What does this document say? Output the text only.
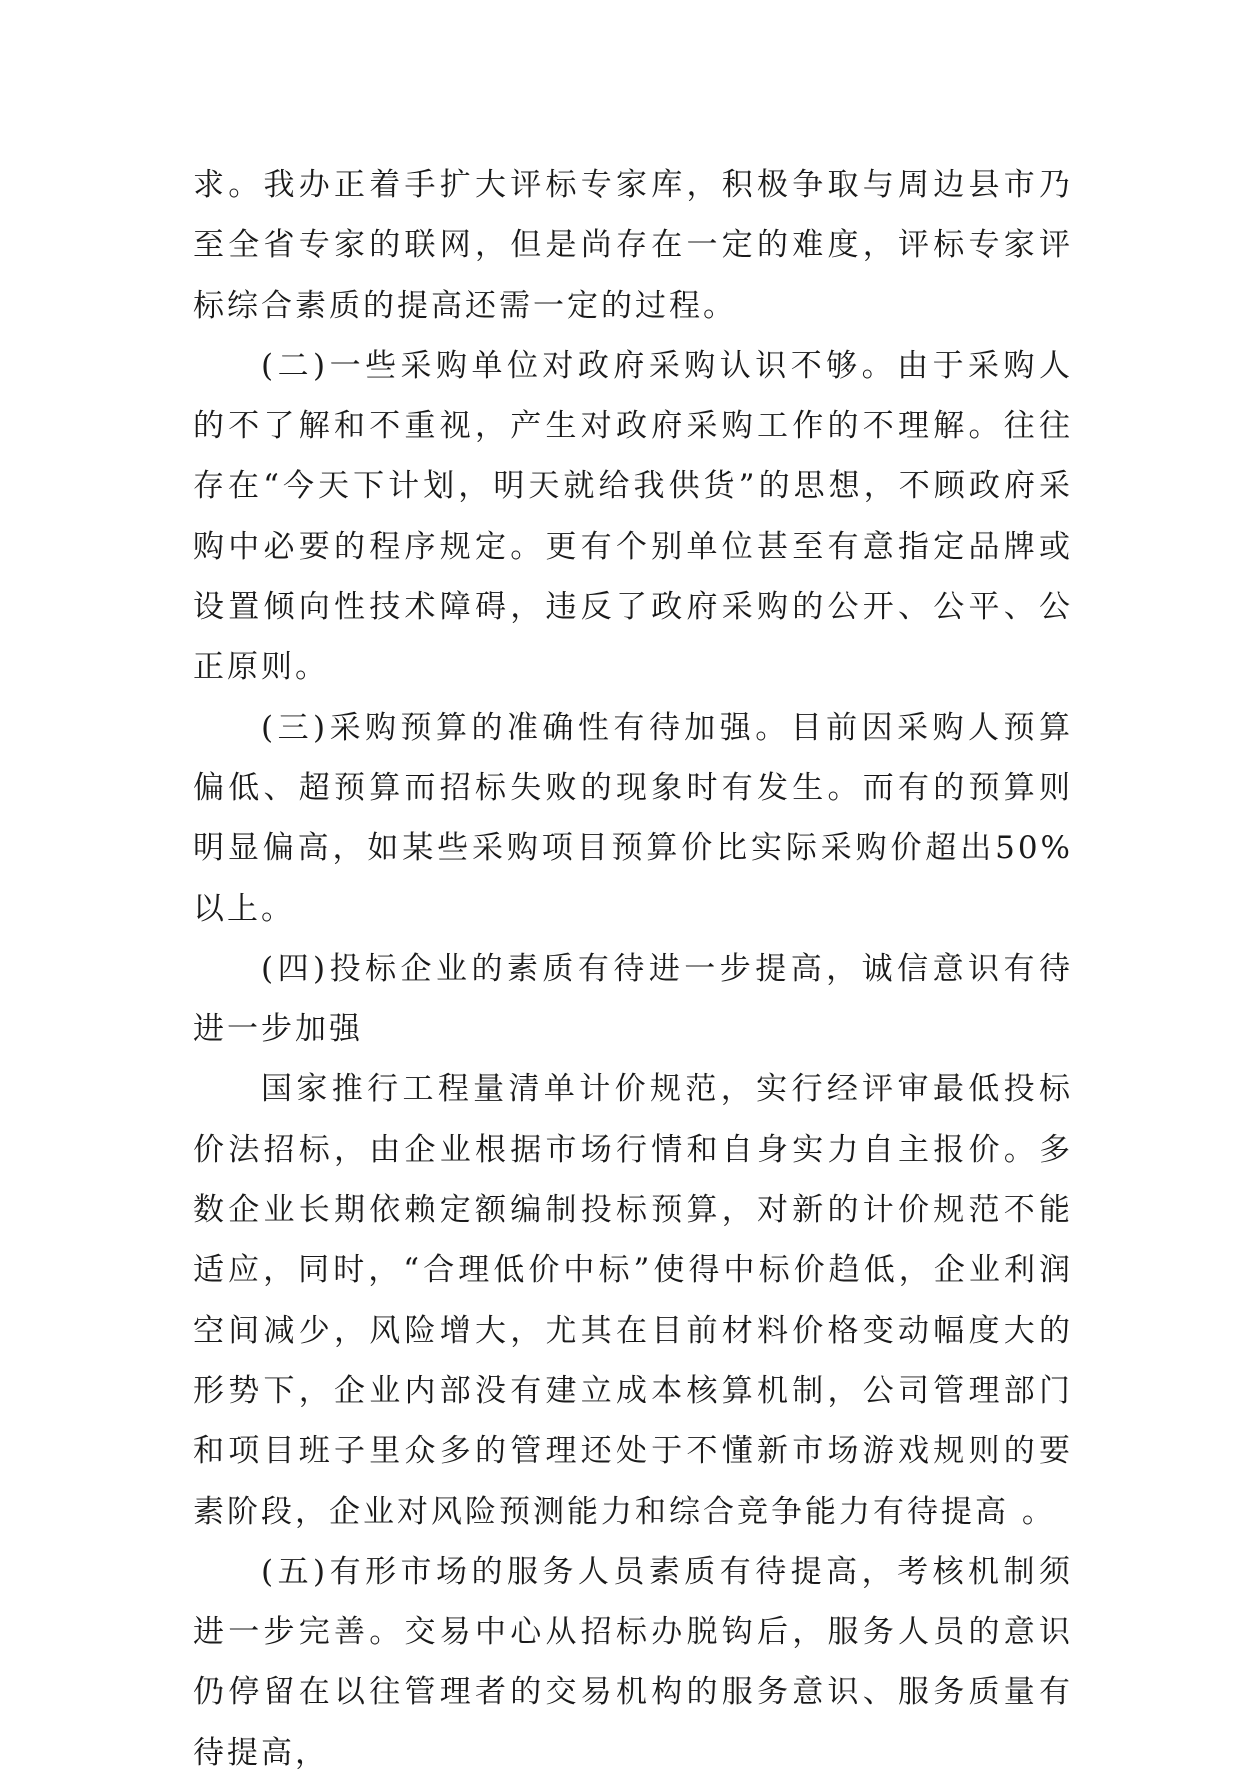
求。我办正着手扩大评标专家库，积极争取与周边县市乃至全省专家的联网，但是尚存在一定的难度，评标专家评标综合素质的提高还需一定的过程。

(二)一些采购单位对政府采购认识不够。由于采购人的不了解和不重视，产生对政府采购工作的不理解。往往存在“今天下计划，明天就给我供货”的思想，不顾政府采购中必要的程序规定。更有个别单位甚至有意指定品牌或设置倾向性技术障碍，违反了政府采购的公开、公平、公正原则。

(三)采购预算的准确性有待加强。目前因采购人预算偏低、超预算而招标失败的现象时有发生。而有的预算则明显偏高，如某些采购项目预算价比实际采购价超出50%以上。

(四)投标企业的素质有待进一步提高，诚信意识有待进一步加强

国家推行工程量清单计价规范，实行经评审最低投标价法招标，由企业根据市场行情和自身实力自主报价。多数企业长期依赖定额编制投标预算，对新的计价规范不能适应，同时，“合理低价中标”使得中标价趋低，企业利润空间减少，风险增大，尤其在目前材料价格变动幅度大的形势下，企业内部没有建立成本核算机制，公司管理部门和项目班子里众多的管理还处于不懂新市场游戏规则的要素阶段，企业对风险预测能力和综合竞争能力有待提高 。

(五)有形市场的服务人员素质有待提高，考核机制须进一步完善。交易中心从招标办脱钩后，服务人员的意识仍停留在以往管理者的交易机构的服务意识、服务质量有待提高，
